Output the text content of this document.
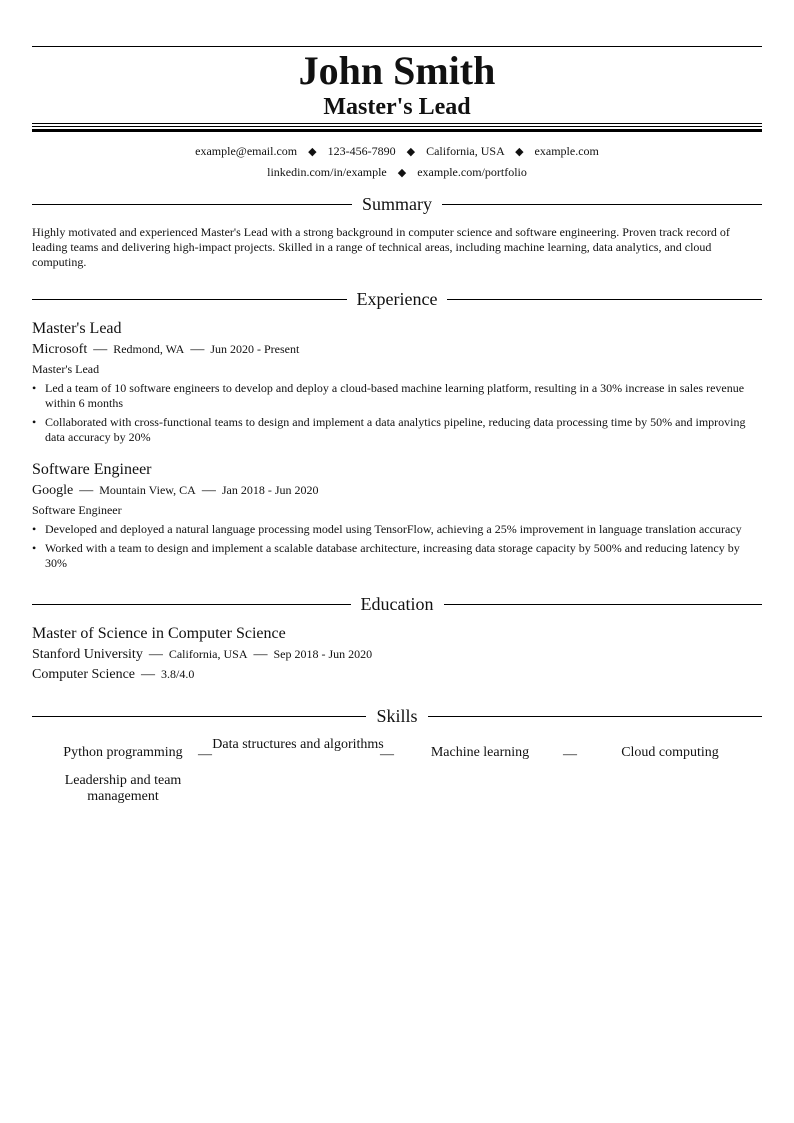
John Smith
Master's Lead
example@email.com ◆ 123-456-7890 ◆ California, USA ◆ example.com
linkedin.com/in/example ◆ example.com/portfolio
Summary
Highly motivated and experienced Master's Lead with a strong background in computer science and software engineering. Proven track record of leading teams and delivering high-impact projects. Skilled in a range of technical areas, including machine learning, data analytics, and cloud computing.
Experience
Master's Lead
Microsoft — Redmond, WA — Jun 2020 - Present
Master's Lead
• Led a team of 10 software engineers to develop and deploy a cloud-based machine learning platform, resulting in a 30% increase in sales revenue within 6 months
• Collaborated with cross-functional teams to design and implement a data analytics pipeline, reducing data processing time by 50% and improving data accuracy by 20%
Software Engineer
Google — Mountain View, CA — Jan 2018 - Jun 2020
Software Engineer
• Developed and deployed a natural language processing model using TensorFlow, achieving a 25% improvement in language translation accuracy
• Worked with a team to design and implement a scalable database architecture, increasing data storage capacity by 500% and reducing latency by 30%
Education
Master of Science in Computer Science
Stanford University — California, USA — Sep 2018 - Jun 2020
Computer Science — 3.8/4.0
Skills
Python programming	—
Data structures and algorithms
—	Machine learning	—	Cloud computing
Leadership and team management
